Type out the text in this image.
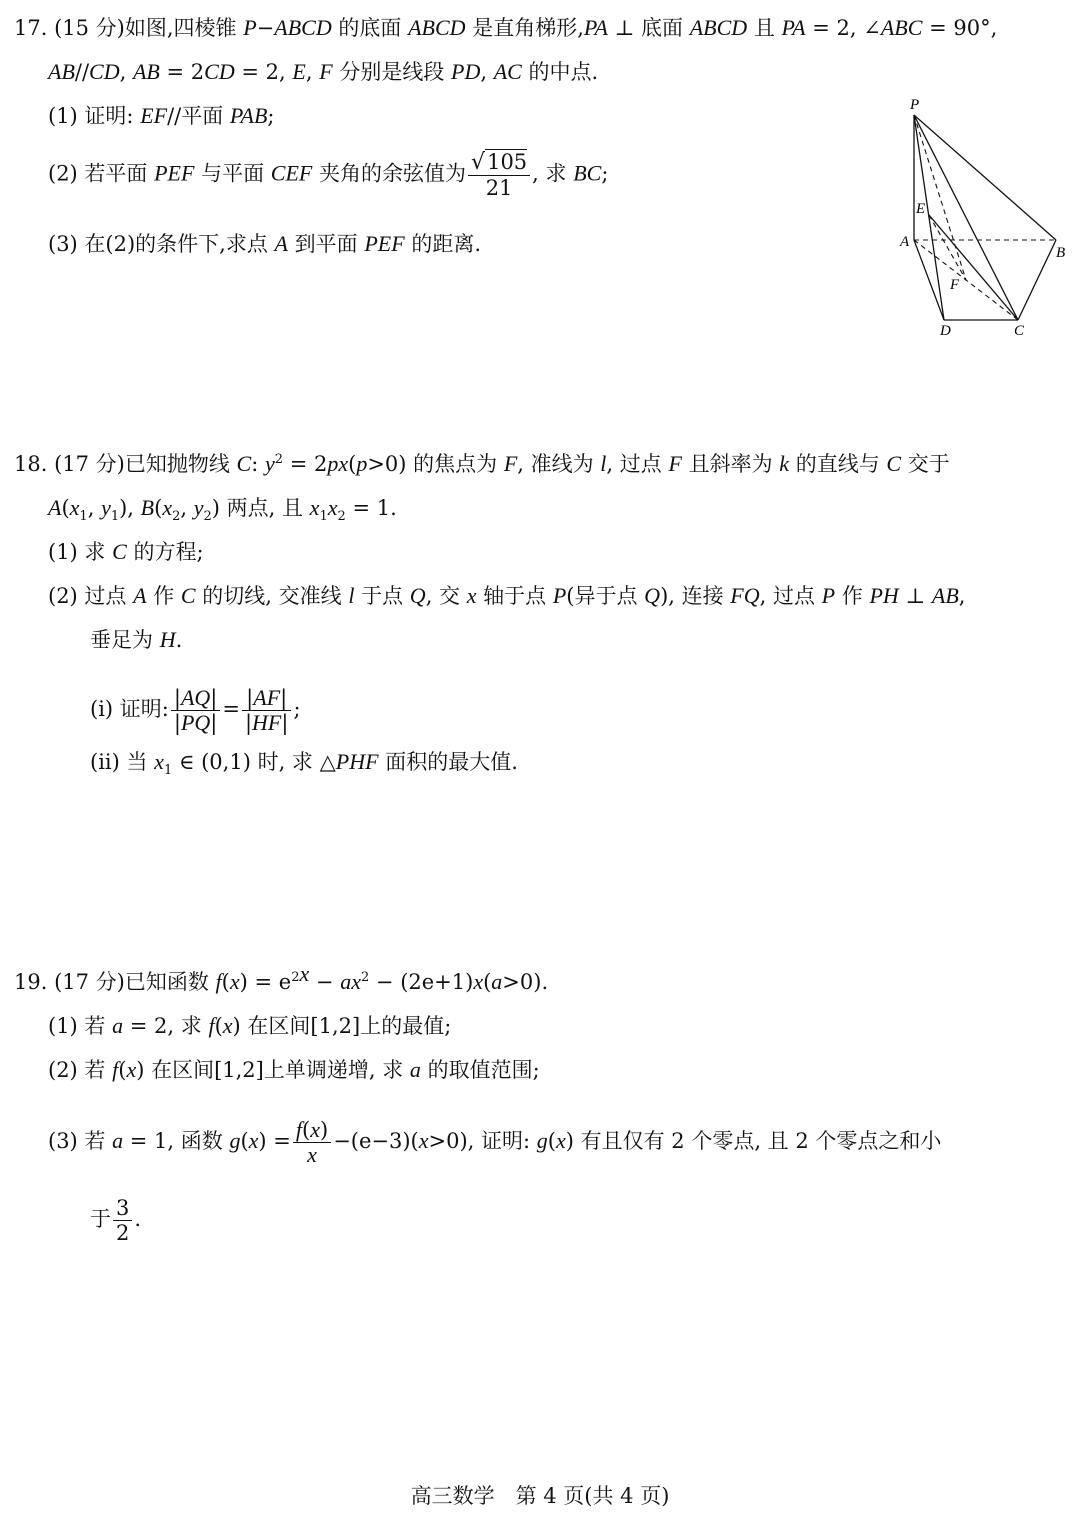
17. (15 分)如图,四棱锥 P−ABCD 的底面 ABCD 是直角梯形,PA ⊥ 底面 ABCD 且 PA = 2, ∠ABC = 90°,
AB//CD, AB = 2CD = 2, E, F 分别是线段 PD, AC 的中点.
(1) 证明: EF//平面 PAB;
(2) 若平面 PEF 与平面 CEF 夹角的余弦值为 $\frac{√105}{21}$ , 求 BC;
(3) 在(2)的条件下,求点 A 到平面 PEF 的距离.
P
E
A
B
F
D	C
18. (17 分)已知抛物线 C: $y^2 = 2px(p>0)$ 的焦点为 F, 准线为 l, 过点 F 且斜率为 k 的直线与 C 交于
$A(x_1$, $y_1$), $B(x_2$, $y_2$) 两点, 且 $x_1x_2 = 1$.
(1) 求 C 的方程;
(2) 过点 A 作 C 的切线, 交准线 l 于点 Q, 交 x 轴于点 P(异于点 Q), 连接 FQ, 过点 P 作 PH ⊥ AB,
垂足为 H.
(i) 证明: $\frac{|AQ|}{|PQ|} = \frac{|AF|}{|HF|}$ ;
(ii) 当 $x_1$ ∈ (0,1) 时, 求 △PHF 面积的最大值.
19. (17 分)已知函数 $f(x) = e^{2x} - ax^2 - (2e+1)x(a>0)$.
(1) 若 a = 2, 求 f(x) 在区间[1,2]上的最值;
(2) 若 f(x) 在区间[1,2]上单调递增, 求 a 的取值范围;
(3) 若 a = 1, 函数 $g(x) = \frac{f(x)}{x} -(e-3)(x>0)$, 证明: g(x) 有且仅有 2 个零点, 且 2 个零点之和小
于 $\frac{3}{2}$ .
高三数学　第 4 页(共 4 页)
